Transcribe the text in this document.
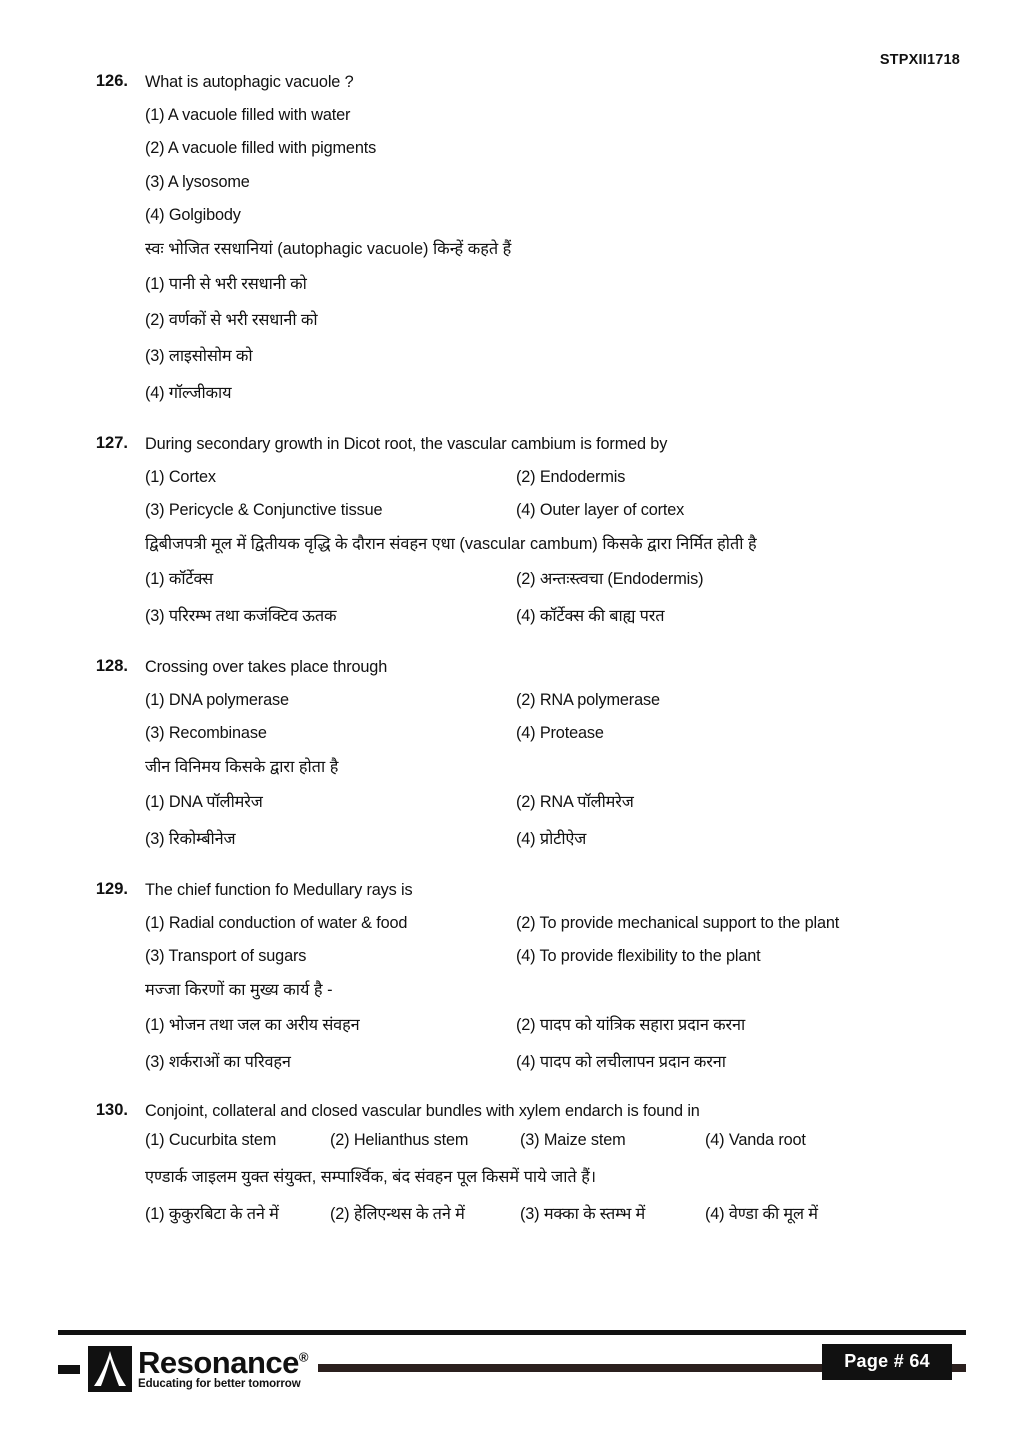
STPXII1718
126. What is autophagic vacuole ?
(1) A vacuole filled with water
(2) A vacuole filled with pigments
(3) A lysosome
(4) Golgibody
स्वः भोजित रसधानियां (autophagic vacuole) किन्हें कहते हैं
(1) पानी से भरी रसधानी को
(2) वर्णकों से भरी रसधानी को
(3) लाइसोसोम को
(4) गॉल्जीकाय
127. During secondary growth in Dicot root, the vascular cambium is formed by
(1) Cortex	(2) Endodermis
(3) Pericycle & Conjunctive tissue	(4) Outer layer of cortex
द्विबीजपत्री मूल में द्वितीयक वृद्धि के दौरान संवहन एधा (vascular cambum) किसके द्वारा निर्मित होती है
(1) कॉर्टेक्स	(2) अन्तःस्त्वचा (Endodermis)
(3) परिरम्भ तथा कजंक्टिव ऊतक	(4) कॉर्टेक्स की बाह्य परत
128. Crossing over takes place through
(1) DNA polymerase	(2) RNA polymerase
(3) Recombinase	(4) Protease
जीन विनिमय किसके द्वारा होता है
(1) DNA पॉलीमरेज	(2) RNA पॉलीमरेज
(3) रिकोम्बीनेज	(4) प्रोटीऐज
129. The chief function fo Medullary rays is
(1) Radial conduction of water & food	(2) To provide mechanical support to the plant
(3) Transport of sugars	(4) To provide flexibility to the plant
मज्जा किरणों का मुख्य कार्य है -
(1) भोजन तथा जल का अरीय संवहन	(2) पादप को यांत्रिक सहारा प्रदान करना
(3) शर्कराओं का परिवहन	(4) पादप को लचीलापन प्रदान करना
130. Conjoint, collateral and closed vascular bundles with xylem endarch is found in
(1) Cucurbita stem	(2) Helianthus stem	(3) Maize stem	(4) Vanda root
एण्डार्क जाइलम युक्त संयुक्त, सम्पार्श्विक, बंद संवहन पूल किसमें पाये जाते हैं।
(1) कुकुरबिटा के तने में	(2) हेलिएन्थस के तने में	(3) मक्का के स्तम्भ में	(4) वेण्डा की मूल में
Resonance®
Educating for better tomorrow
Page # 64
